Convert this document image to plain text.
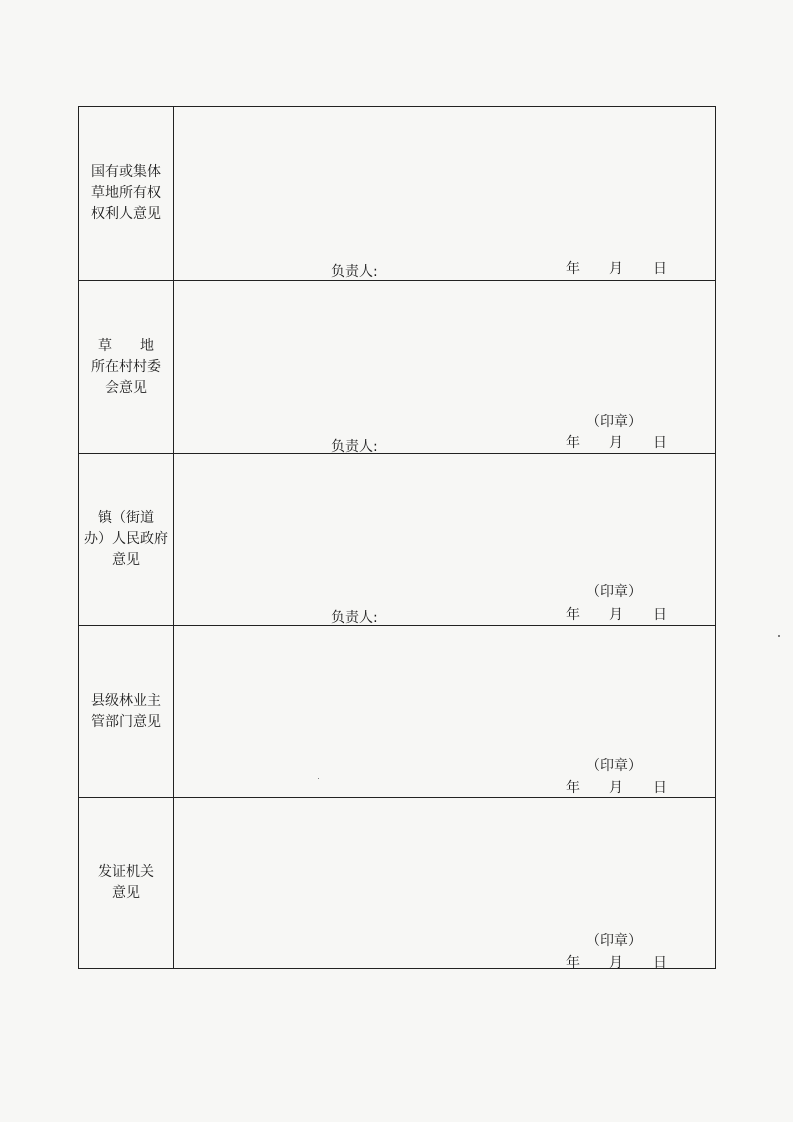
国有或集体
草地所有权
权利人意见
负责人:	年 月 日
草　　地
所在村村委
会意见
（印章）
负责人:	年 月 日
镇（街道
办）人民政府
意见
（印章）
负责人:	年 月 日
县级林业主
管部门意见
（印章）
年 月 日
发证机关
意见
（印章）
年 月 日
